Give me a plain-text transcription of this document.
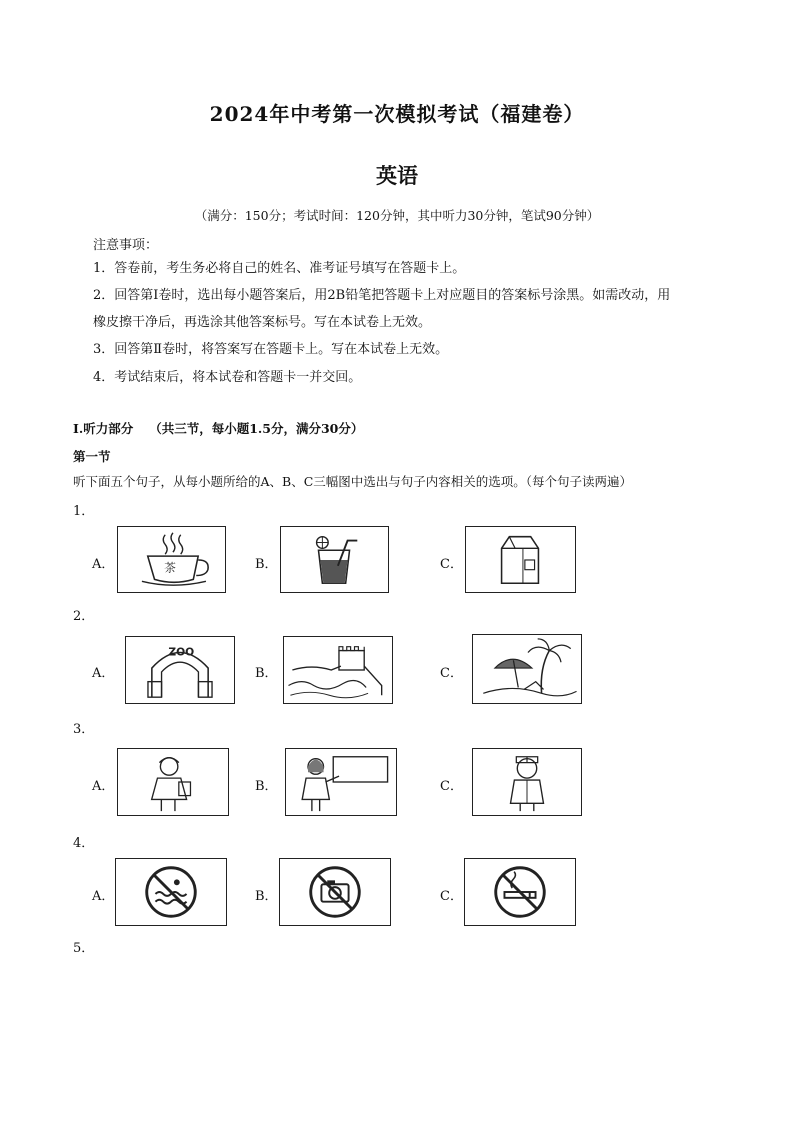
2024年中考第一次模拟考试（福建卷）
英语
（满分：150分；考试时间：120分钟，其中听力30分钟，笔试90分钟）
注意事项：
1．答卷前，考生务必将自己的姓名、准考证号填写在答题卡上。
2．回答第Ⅰ卷时，选出每小题答案后，用2B铅笔把答题卡上对应题目的答案标号涂黑。如需改动，用
橡皮擦干净后，再选涂其他答案标号。写在本试卷上无效。
3．回答第Ⅱ卷时，将答案写在答题卡上。写在本试卷上无效。
4．考试结束后，将本试卷和答题卡一并交回。
I.听力部分 （共三节，每小题1.5分，满分30分）
第一节
听下面五个句子，从每小题所给的A、B、C三幅图中选出与句子内容相关的选项。（每个句子读两遍）
1．
A．	茶	B．	C．
2．
A．
ZOO
B．	C．
3．
A．	B．	C．
4．
A．	B．	C．
5．
